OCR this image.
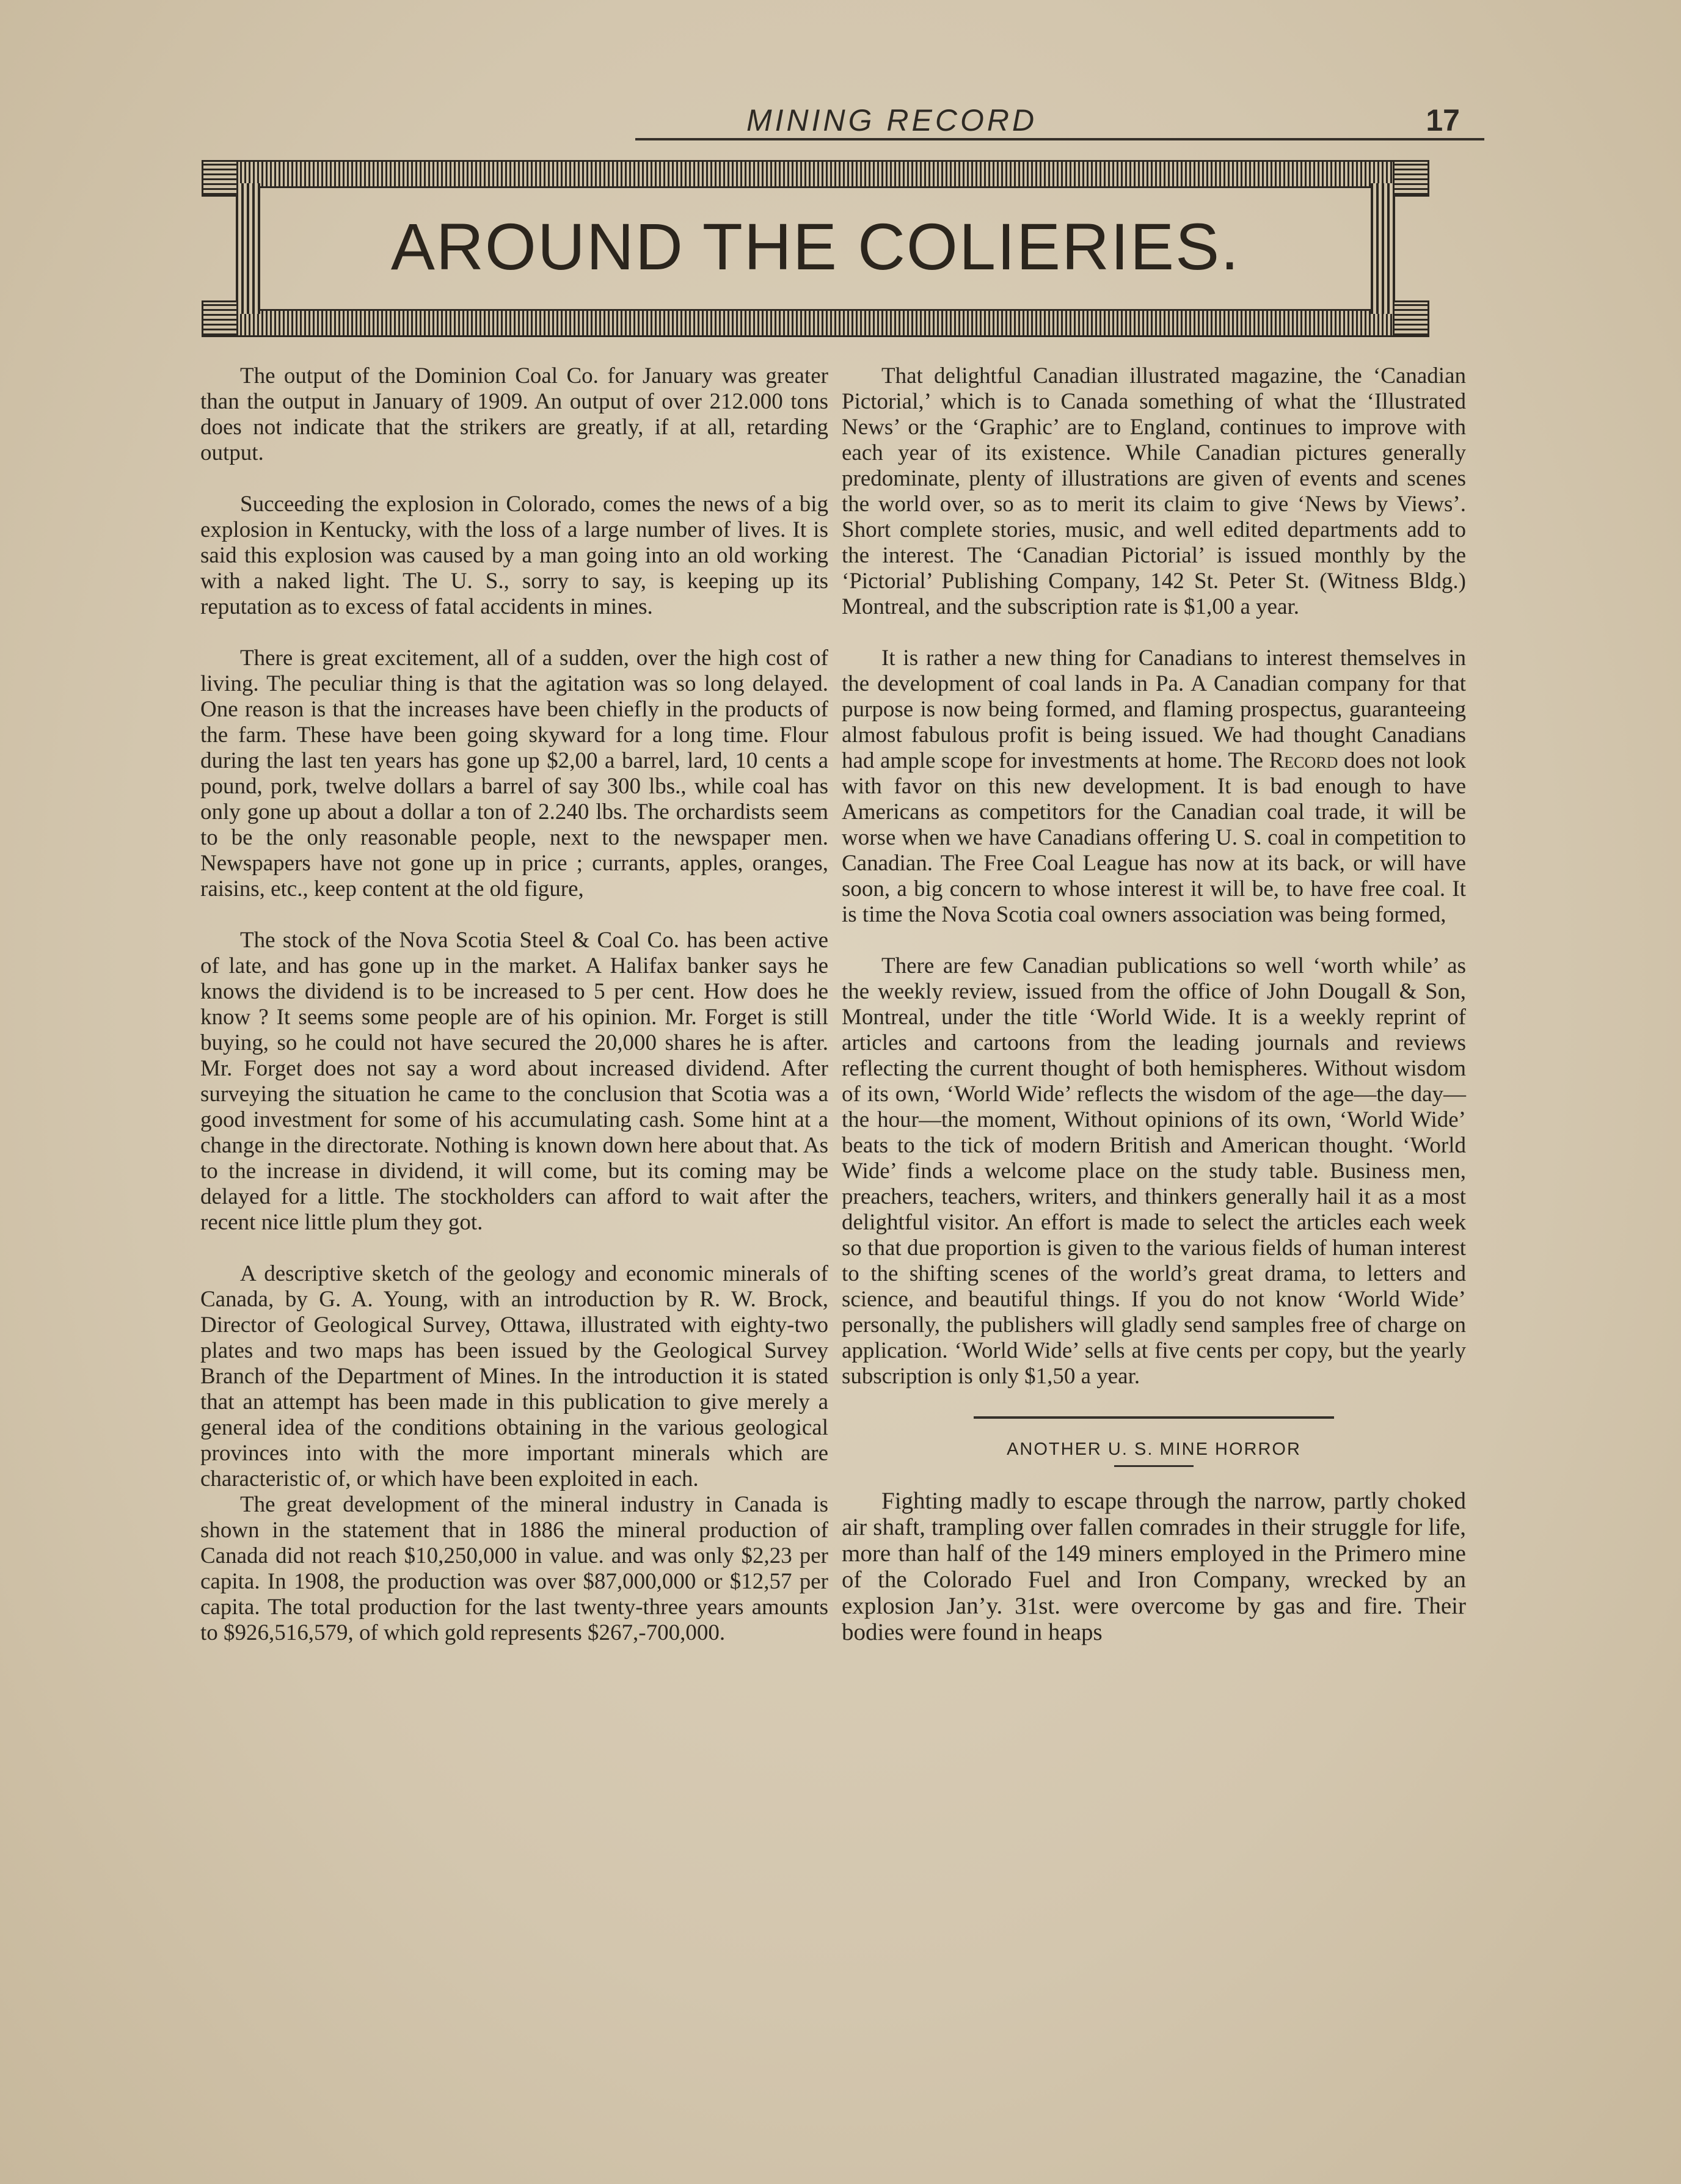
MINING RECORD	17
AROUND THE COLIERIES.

The output of the Dominion Coal Co. for January was greater than the output in January of 1909. An output of over 212.000 tons does not indicate that the strikers are greatly, if at all, retarding output.

Succeeding the explosion in Colorado, comes the news of a big explosion in Kentucky, with the loss of a large number of lives. It is said this explosion was caused by a man going into an old working with a naked light. The U. S., sorry to say, is keeping up its reputation as to excess of fatal accidents in mines.

There is great excitement, all of a sudden, over the high cost of living. The peculiar thing is that the agitation was so long delayed. One reason is that the increases have been chiefly in the products of the farm. These have been going skyward for a long time. Flour during the last ten years has gone up $2,00 a barrel, lard, 10 cents a pound, pork, twelve dollars a barrel of say 300 lbs., while coal has only gone up about a dollar a ton of 2.240 lbs. The orchardists seem to be the only reasonable people, next to the newspaper men. Newspapers have not gone up in price ; currants, apples, oranges, raisins, etc., keep content at the old figure,

The stock of the Nova Scotia Steel & Coal Co. has been active of late, and has gone up in the market. A Halifax banker says he knows the dividend is to be increased to 5 per cent. How does he know ? It seems some people are of his opinion. Mr. Forget is still buying, so he could not have secured the 20,000 shares he is after. Mr. Forget does not say a word about increased dividend. After surveying the situation he came to the conclusion that Scotia was a good investment for some of his accumulating cash. Some hint at a change in the directorate. Nothing is known down here about that. As to the increase in dividend, it will come, but its coming may be delayed for a little. The stockholders can afford to wait after the recent nice little plum they got.

A descriptive sketch of the geology and economic minerals of Canada, by G. A. Young, with an introduction by R. W. Brock, Director of Geological Survey, Ottawa, illustrated with eighty-two plates and two maps has been issued by the Geological Survey Branch of the Department of Mines. In the introduction it is stated that an attempt has been made in this publication to give merely a general idea of the conditions obtaining in the various geological provinces into with the more important minerals which are characteristic of, or which have been exploited in each.

The great development of the mineral industry in Canada is shown in the statement that in 1886 the mineral production of Canada did not reach $10,250,000 in value. and was only $2,23 per capita. In 1908, the production was over $87,000,000 or $12,57 per capita. The total production for the last twenty-three years amounts to $926,516,579, of which gold represents $267,-700,000.

That delightful Canadian illustrated magazine, the ‘Canadian Pictorial,’ which is to Canada something of what the ‘Illustrated News’ or the ‘Graphic’ are to England, continues to improve with each year of its existence. While Canadian pictures generally predominate, plenty of illustrations are given of events and scenes the world over, so as to merit its claim to give ‘News by Views’. Short complete stories, music, and well edited departments add to the interest. The ‘Canadian Pictorial’ is issued monthly by the ‘Pictorial’ Publishing Company, 142 St. Peter St. (Witness Bldg.) Montreal, and the subscription rate is $1,00 a year.

It is rather a new thing for Canadians to interest themselves in the development of coal lands in Pa. A Canadian company for that purpose is now being formed, and flaming prospectus, guaranteeing almost fabulous profit is being issued. We had thought Canadians had ample scope for investments at home. The Record does not look with favor on this new development. It is bad enough to have Americans as competitors for the Canadian coal trade, it will be worse when we have Canadians offering U. S. coal in competition to Canadian. The Free Coal League has now at its back, or will have soon, a big concern to whose interest it will be, to have free coal. It is time the Nova Scotia coal owners association was being formed,

There are few Canadian publications so well ‘worth while’ as the weekly review, issued from the office of John Dougall & Son, Montreal, under the title ‘World Wide. It is a weekly reprint of articles and cartoons from the leading journals and reviews reflecting the current thought of both hemispheres. Without wisdom of its own, ‘World Wide’ reflects the wisdom of the age—the day—the hour—the moment, Without opinions of its own, ‘World Wide’ beats to the tick of modern British and American thought. ‘World Wide’ finds a welcome place on the study table. Business men, preachers, teachers, writers, and thinkers generally hail it as a most delightful visitor. An effort is made to select the articles each week so that due proportion is given to the various fields of human interest to the shifting scenes of the world’s great drama, to letters and science, and beautiful things. If you do not know ‘World Wide’ personally, the publishers will gladly send samples free of charge on application. ‘World Wide’ sells at five cents per copy, but the yearly subscription is only $1,50 a year.

ANOTHER U. S. MINE HORROR

Fighting madly to escape through the narrow, partly choked air shaft, trampling over fallen comrades in their struggle for life, more than half of the 149 miners employed in the Primero mine of the Colorado Fuel and Iron Company, wrecked by an explosion Jan’y. 31st. were overcome by gas and fire. Their bodies were found in heaps
